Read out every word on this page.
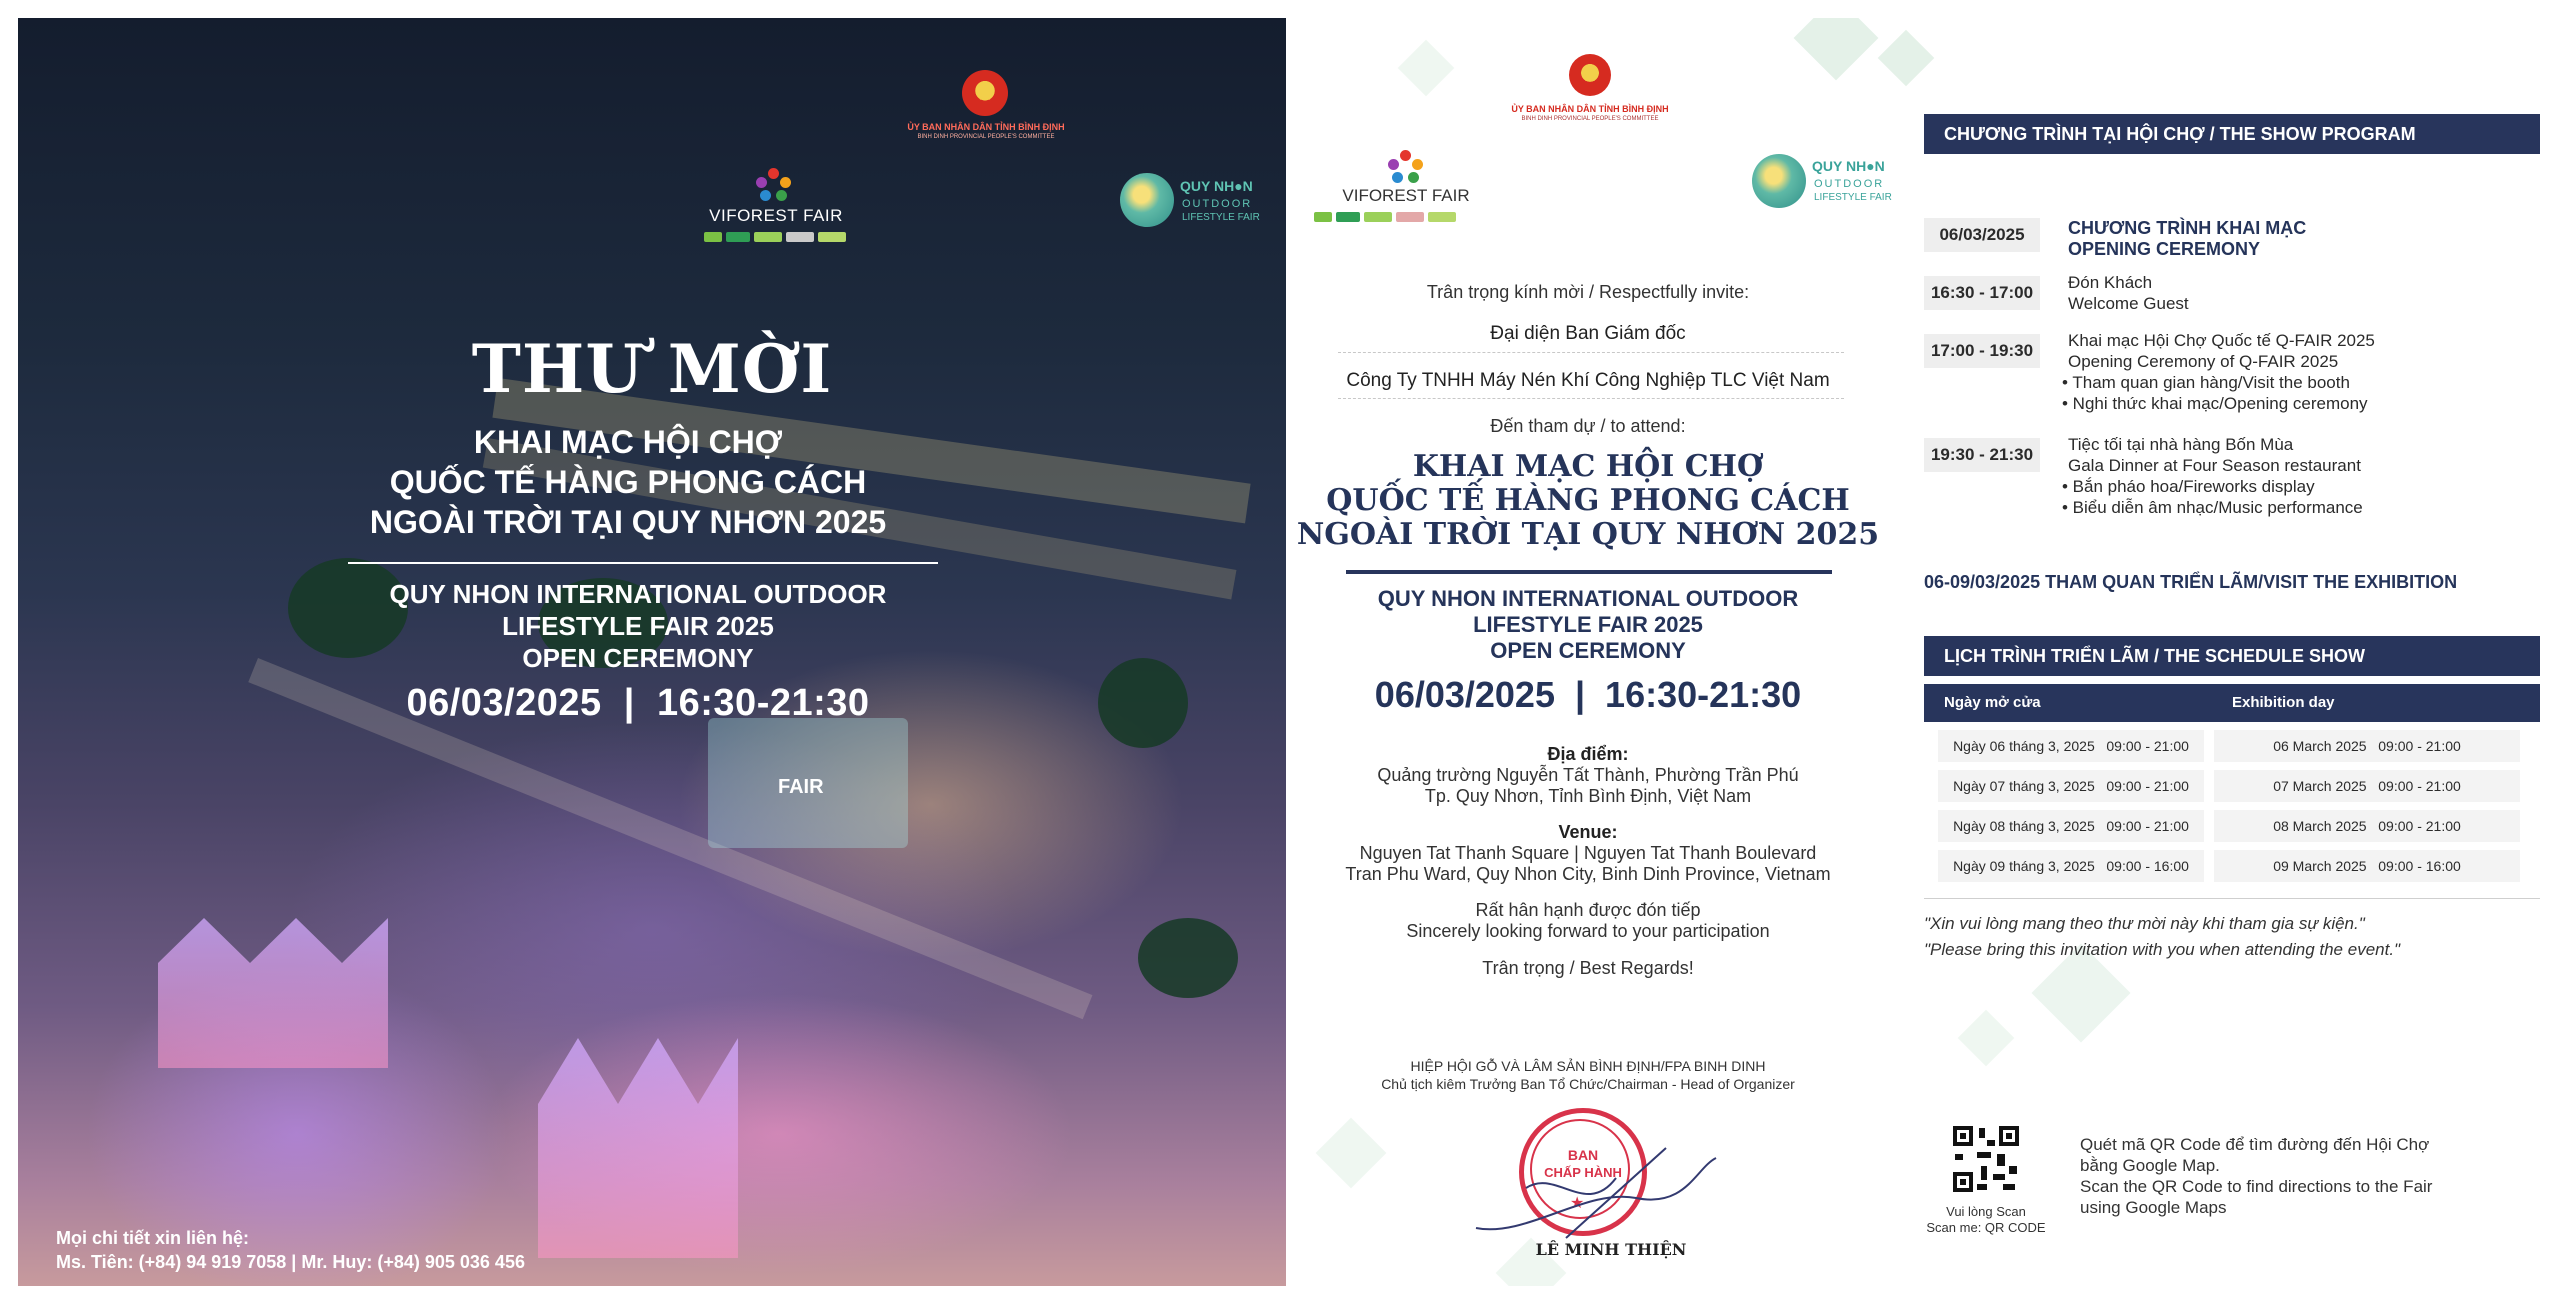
FAIR
★
ỦY BAN NHÂN DÂN TỈNH BÌNH ĐỊNH
BINH DINH PROVINCIAL PEOPLE'S COMMITTEE
VIFOREST FAIR
QUY NH●N
OUTDOOR
LIFESTYLE FAIR
THƯ MỜI
KHAI MẠC HỘI CHỢ
QUỐC TẾ HÀNG PHONG CÁCH
NGOÀI TRỜI TẠI QUY NHƠN 2025
QUY NHON INTERNATIONAL OUTDOOR
LIFESTYLE FAIR 2025
OPEN CEREMONY
06/03/2025  |  16:30-21:30
Mọi chi tiết xin liên hệ:
Ms. Tiên: (+84) 94 919 7058 | Mr. Huy: (+84) 905 036 456
★
ỦY BAN NHÂN DÂN TỈNH BÌNH ĐỊNH
BINH DINH PROVINCIAL PEOPLE'S COMMITTEE
VIFOREST FAIR
QUY NH●N
OUTDOOR
LIFESTYLE FAIR
Trân trọng kính mời / Respectfully invite:
Đại diện Ban Giám đốc
Công Ty TNHH Máy Nén Khí Công Nghiệp TLC Việt Nam
Đến tham dự / to attend:
KHAI MẠC HỘI CHỢ
QUỐC TẾ HÀNG PHONG CÁCH
NGOÀI TRỜI TẠI QUY NHƠN 2025
QUY NHON INTERNATIONAL OUTDOOR
LIFESTYLE FAIR 2025
OPEN CEREMONY
06/03/2025  |  16:30-21:30
Địa điểm:
Quảng trường Nguyễn Tất Thành, Phường Trần Phú
Tp. Quy Nhơn, Tỉnh Bình Định, Việt Nam
Venue:
Nguyen Tat Thanh Square | Nguyen Tat Thanh Boulevard
Tran Phu Ward, Quy Nhon City, Binh Dinh Province, Vietnam
Rất hân hạnh được đón tiếp
Sincerely looking forward to your participation
Trân trọng / Best Regards!
HIỆP HỘI GỖ VÀ LÂM SẢN BÌNH ĐỊNH/FPA BINH DINH
Chủ tịch kiêm Trưởng Ban Tổ Chức/Chairman - Head of Organizer
BAN
CHẤP HÀNH
★
LÊ MINH THIỆN
CHƯƠNG TRÌNH TẠI HỘI CHỢ / THE SHOW PROGRAM
06/03/2025	CHƯƠNG TRÌNH KHAI MẠC
OPENING CEREMONY
16:30 - 17:00
Đón Khách
Welcome Guest
17:00 - 19:30
Khai mạc Hội Chợ Quốc tế Q-FAIR 2025
Opening Ceremony of Q-FAIR 2025
• Tham quan gian hàng/Visit the booth
• Nghi thức khai mạc/Opening ceremony
19:30 - 21:30
Tiệc tối tại nhà hàng Bốn Mùa
Gala Dinner at Four Season restaurant
• Bắn pháo hoa/Fireworks display
• Biểu diễn âm nhạc/Music performance
06-09/03/2025 THAM QUAN TRIỂN LÃM/VISIT THE EXHIBITION
LỊCH TRÌNH TRIỂN LÃM / THE SCHEDULE SHOW
Ngày mở cửa	Exhibition day
Ngày 06 tháng 3, 2025   09:00 - 21:00	06 March 2025   09:00 - 21:00
Ngày 07 tháng 3, 2025   09:00 - 21:00	07 March 2025   09:00 - 21:00
Ngày 08 tháng 3, 2025   09:00 - 21:00	08 March 2025   09:00 - 21:00
Ngày 09 tháng 3, 2025   09:00 - 16:00	09 March 2025   09:00 - 16:00
"Xin vui lòng mang theo thư mời này khi tham gia sự kiện."
"Please bring this invitation with you when attending the event."
Vui lòng Scan
Scan me: QR CODE
Quét mã QR Code để tìm đường đến Hội Chợ
bằng Google Map.
Scan the QR Code to find directions to the Fair
using Google Maps
